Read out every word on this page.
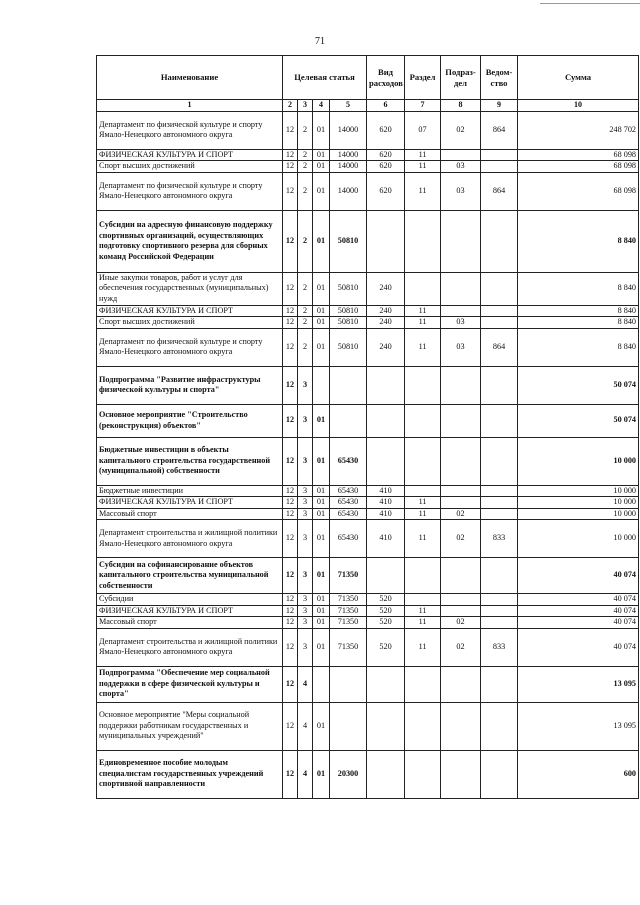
71
Наименование	Целевая статья				Вид расходов	Раздел	Подраз-дел	Ведом-ство	Сумма
1	2	3	4	5	6	7	8	9	10
Департамент по физической культуре и спорту Ямало-Ненецкого автономного округа	12	2	01	14000	620	07	02	864	248 702
ФИЗИЧЕСКАЯ КУЛЬТУРА И СПОРТ	12	2	01	14000	620	11			68 098
Спорт высших достижений	12	2	01	14000	620	11	03		68 098
Департамент по физической культуре и спорту Ямало-Ненецкого автономного округа	12	2	01	14000	620	11	03	864	68 098
Субсидии на адресную финансовую поддержку спортивных организаций, осуществляющих подготовку спортивного резерва для сборных команд Российской Федерации	12	2	01	50810					8 840
Иные закупки товаров, работ и услуг для обеспечения государственных (муниципальных) нужд	12	2	01	50810	240				8 840
ФИЗИЧЕСКАЯ КУЛЬТУРА И СПОРТ	12	2	01	50810	240	11			8 840
Спорт высших достижений	12	2	01	50810	240	11	03		8 840
Департамент по физической культуре и спорту Ямало-Ненецкого автономного округа	12	2	01	50810	240	11	03	864	8 840
Подпрограмма "Развитие инфраструктуры физической культуры и спорта"	12	3							50 074
Основное мероприятие "Строительство (реконструкция) объектов"	12	3	01						50 074
Бюджетные инвестиции в объекты капитального строительства государственной (муниципальной) собственности	12	3	01	65430					10 000
Бюджетные инвестиции	12	3	01	65430	410				10 000
ФИЗИЧЕСКАЯ КУЛЬТУРА И СПОРТ	12	3	01	65430	410	11			10 000
Массовый спорт	12	3	01	65430	410	11	02		10 000
Департамент строительства и жилищной политики Ямало-Ненецкого автономного округа	12	3	01	65430	410	11	02	833	10 000
Субсидии на софинансирование объектов капитального строительства муниципальной собственности	12	3	01	71350					40 074
Субсидии	12	3	01	71350	520				40 074
ФИЗИЧЕСКАЯ КУЛЬТУРА И СПОРТ	12	3	01	71350	520	11			40 074
Массовый спорт	12	3	01	71350	520	11	02		40 074
Департамент строительства и жилищной политики Ямало-Ненецкого автономного округа	12	3	01	71350	520	11	02	833	40 074
Подпрограмма "Обеспечение мер социальной поддержки в сфере физической культуры и спорта"	12	4							13 095
Основное мероприятие "Меры социальной поддержки работникам государственных и муниципальных учреждений"	12	4	01						13 095
Единовременное пособие молодым специалистам государственных учреждений спортивной направленности	12	4	01	20300					600
